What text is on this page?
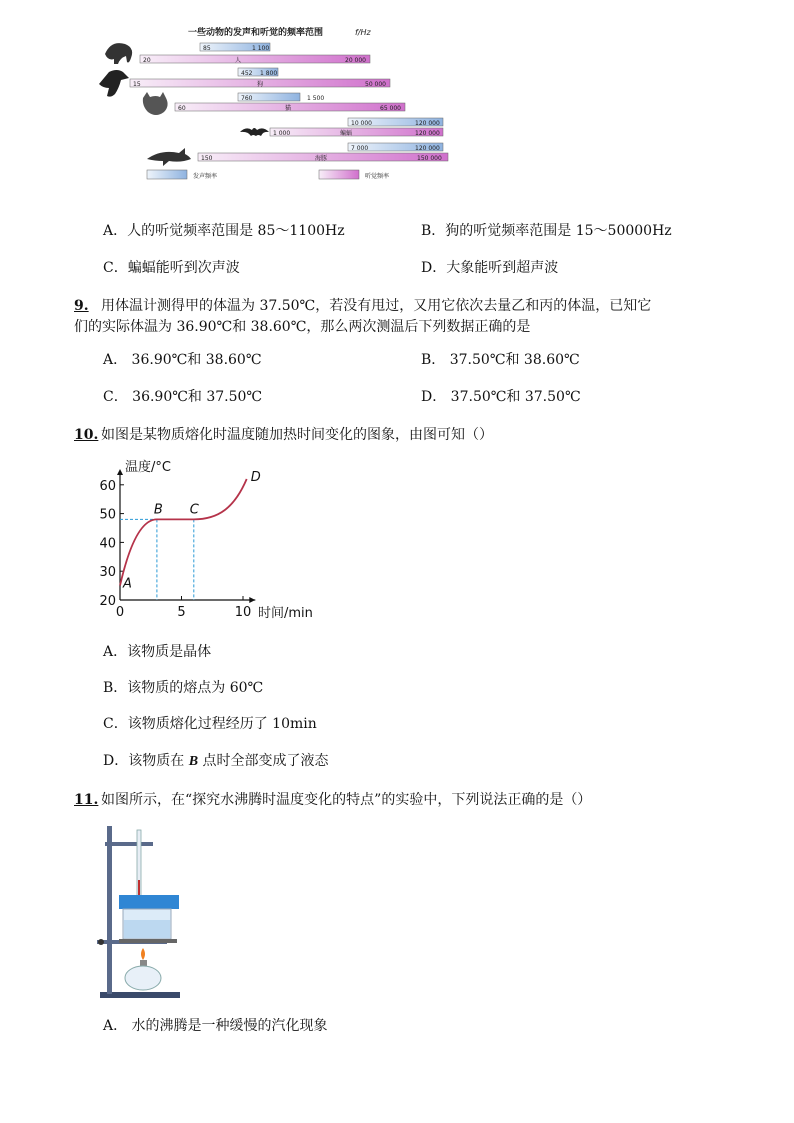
一些动物的发声和听觉的频率范围	f/Hz
85	1 100
20	人	20 000
452 1 800
15	狗	50 000
760	1 500
60	猫	65 000
10 000	120 000
1 000	蝙蝠	120 000
7 000	120 000
150	海豚	150 000
发声频率	听觉频率
A．人的听觉频率范围是 85～1100Hz	B．狗的听觉频率范围是 15～50000Hz
C．蝙蝠能听到次声波	D．大象能听到超声波
9. 用体温计测得甲的体温为 37.50℃，若没有甩过，又用它依次去量乙和丙的体温，已知它
们的实际体温为 36.90℃和 38.60℃，那么两次测温后下列数据正确的是
A． 36.90℃和 38.60℃	B． 37.50℃和 38.60℃
C． 36.90℃和 37.50℃	D． 37.50℃和 37.50℃
10. 如图是某物质熔化时温度随加热时间变化的图象，由图可知（）
温度/°C
时间/min
20
30
40
50
60
0	5	10
A
B C
D
A．该物质是晶体
B．该物质的熔点为 60℃
C．该物质熔化过程经历了 10min
D．该物质在 B 点时全部变成了液态
11. 如图所示，在“探究水沸腾时温度变化的特点”的实验中，下列说法正确的是（）
A． 水的沸腾是一种缓慢的汽化现象
